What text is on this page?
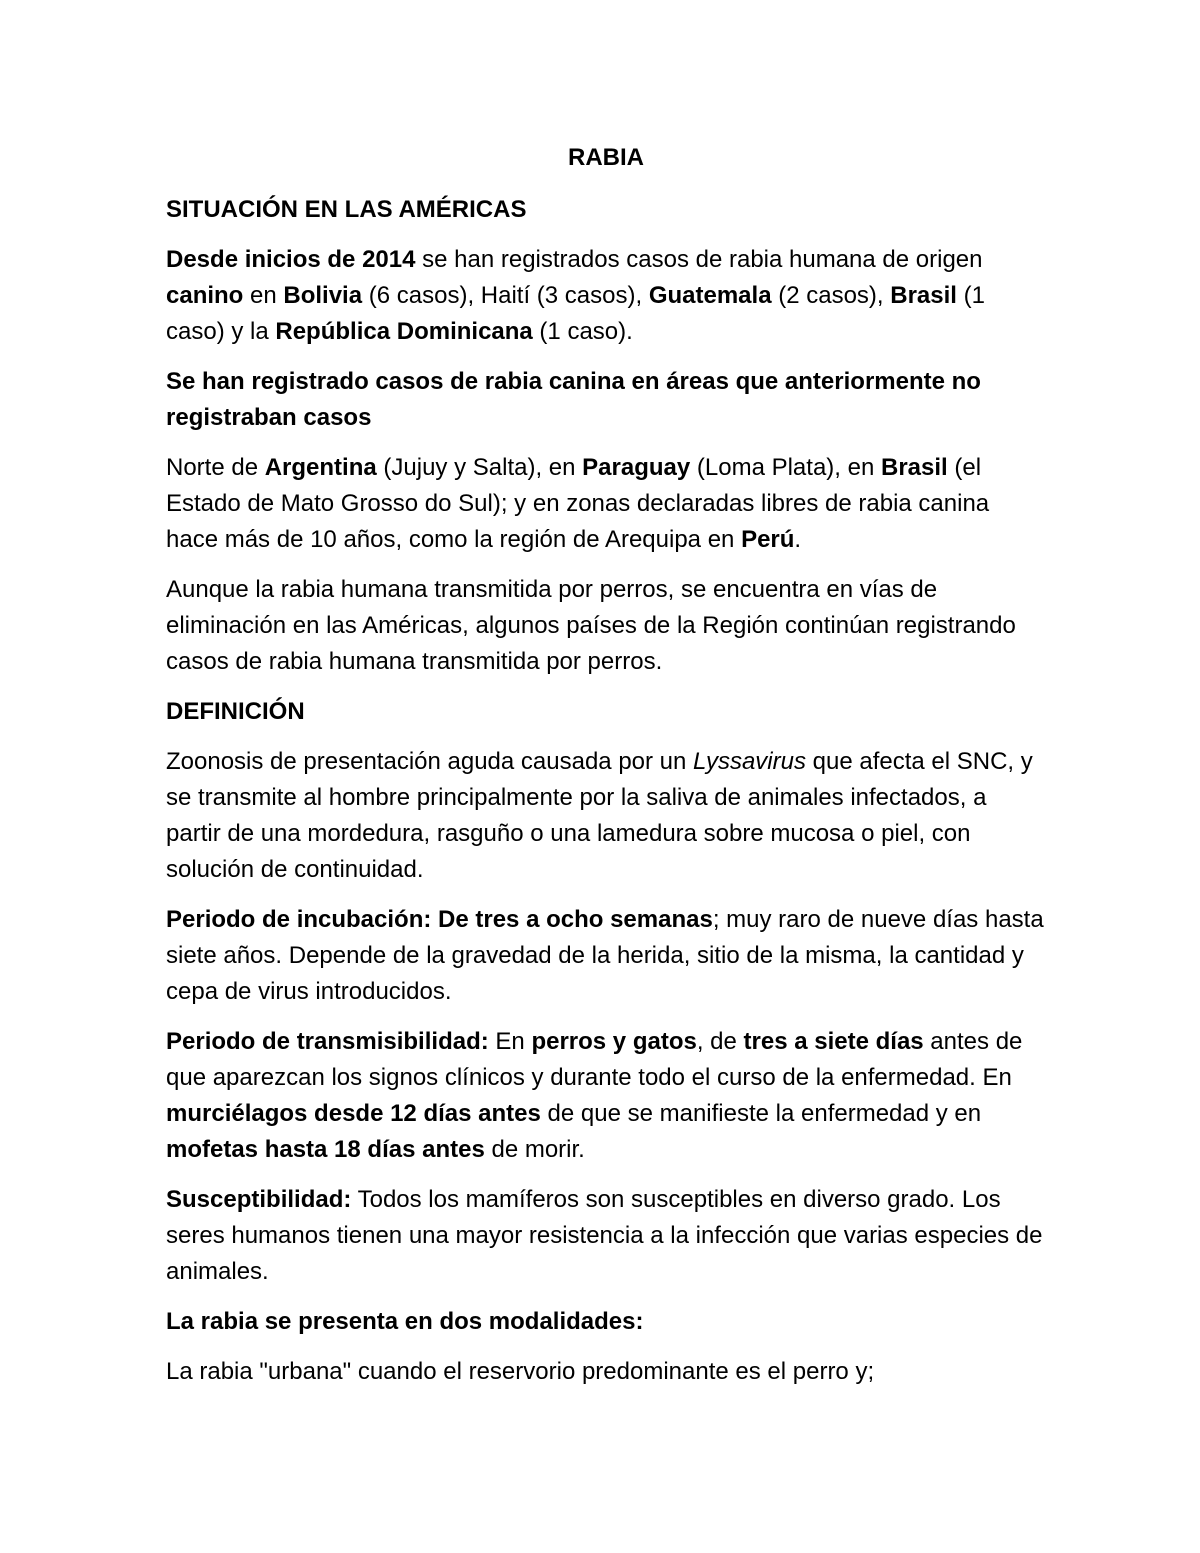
RABIA
SITUACIÓN EN LAS AMÉRICAS
Desde inicios de 2014 se han registrados casos de rabia humana de origen canino en Bolivia (6 casos), Haití (3 casos), Guatemala (2 casos), Brasil (1 caso) y la República Dominicana (1 caso).
Se han registrado casos de rabia canina en áreas que anteriormente no registraban casos
Norte de Argentina (Jujuy y Salta), en Paraguay (Loma Plata), en Brasil (el Estado de Mato Grosso do Sul); y en zonas declaradas libres de rabia canina hace más de 10 años, como la región de Arequipa en Perú.
Aunque la rabia humana transmitida por perros, se encuentra en vías de eliminación en las Américas, algunos países de la Región continúan registrando casos de rabia humana transmitida por perros.
DEFINICIÓN
Zoonosis de presentación aguda causada por un Lyssavirus que afecta el SNC, y se transmite al hombre principalmente por la saliva de animales infectados, a partir de una mordedura, rasguño o una lamedura sobre mucosa o piel, con solución de continuidad.
Periodo de incubación: De tres a ocho semanas; muy raro de nueve días hasta siete años. Depende de la gravedad de la herida, sitio de la misma, la cantidad y cepa de virus introducidos.
Periodo de transmisibilidad: En perros y gatos, de tres a siete días antes de que aparezcan los signos clínicos y durante todo el curso de la enfermedad. En murciélagos desde 12 días antes de que se manifieste la enfermedad y en mofetas hasta 18 días antes de morir.
Susceptibilidad: Todos los mamíferos son susceptibles en diverso grado. Los seres humanos tienen una mayor resistencia a la infección que varias especies de animales.
La rabia se presenta en dos modalidades:
La rabia "urbana" cuando el reservorio predominante es el perro y;
